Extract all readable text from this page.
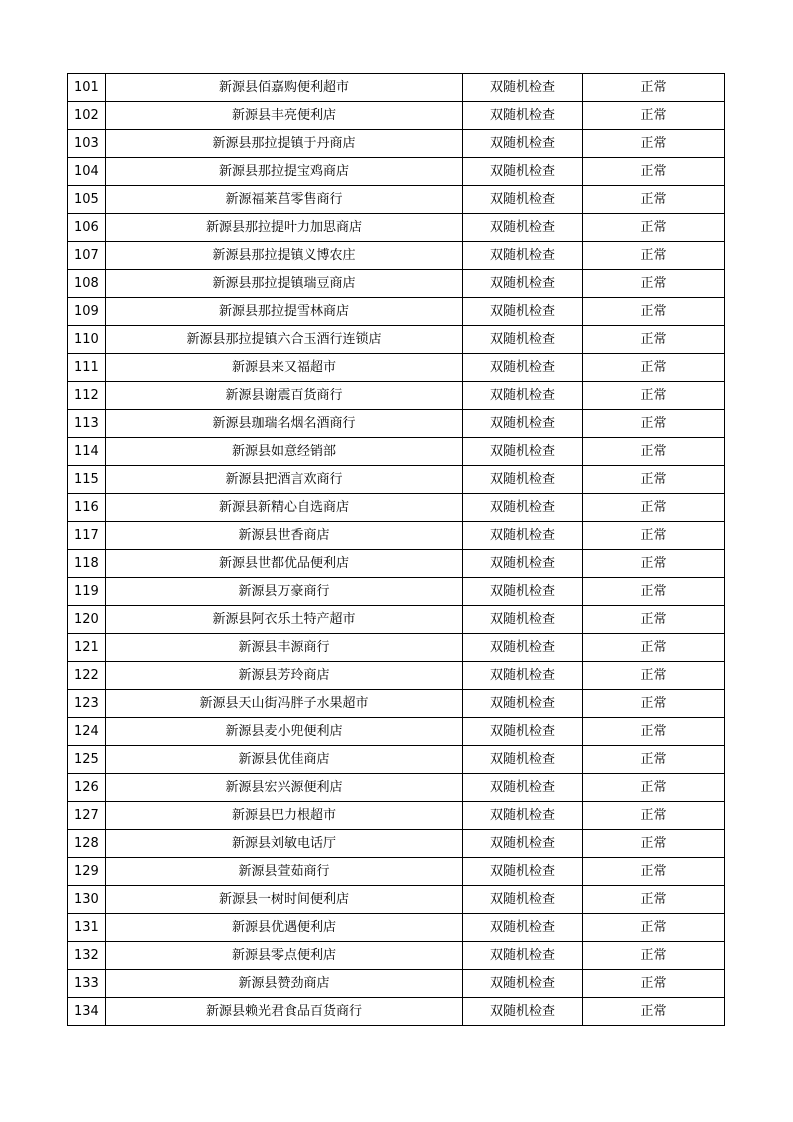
101	新源县佰嘉购便利超市	双随机检查	正常
102	新源县丰亮便利店	双随机检查	正常
103	新源县那拉提镇于丹商店	双随机检查	正常
104	新源县那拉提宝鸡商店	双随机检查	正常
105	新源福莱莒零售商行	双随机检查	正常
106	新源县那拉提叶力加思商店	双随机检查	正常
107	新源县那拉提镇义博农庄	双随机检查	正常
108	新源县那拉提镇瑞豆商店	双随机检查	正常
109	新源县那拉提雪林商店	双随机检查	正常
110	新源县那拉提镇六合玉酒行连锁店	双随机检查	正常
111	新源县来又福超市	双随机检查	正常
112	新源县谢震百货商行	双随机检查	正常
113	新源县珈瑞名烟名酒商行	双随机检查	正常
114	新源县如意经销部	双随机检查	正常
115	新源县把酒言欢商行	双随机检查	正常
116	新源县新精心自选商店	双随机检查	正常
117	新源县世香商店	双随机检查	正常
118	新源县世都优品便利店	双随机检查	正常
119	新源县万豪商行	双随机检查	正常
120	新源县阿衣乐土特产超市	双随机检查	正常
121	新源县丰源商行	双随机检查	正常
122	新源县芳玲商店	双随机检查	正常
123	新源县天山街冯胖子水果超市	双随机检查	正常
124	新源县麦小兜便利店	双随机检查	正常
125	新源县优佳商店	双随机检查	正常
126	新源县宏兴源便利店	双随机检查	正常
127	新源县巴力根超市	双随机检查	正常
128	新源县刘敏电话厅	双随机检查	正常
129	新源县萱茹商行	双随机检查	正常
130	新源县一树时间便利店	双随机检查	正常
131	新源县优遇便利店	双随机检查	正常
132	新源县零点便利店	双随机检查	正常
133	新源县赞劲商店	双随机检查	正常
134	新源县赖光君食品百货商行	双随机检查	正常
